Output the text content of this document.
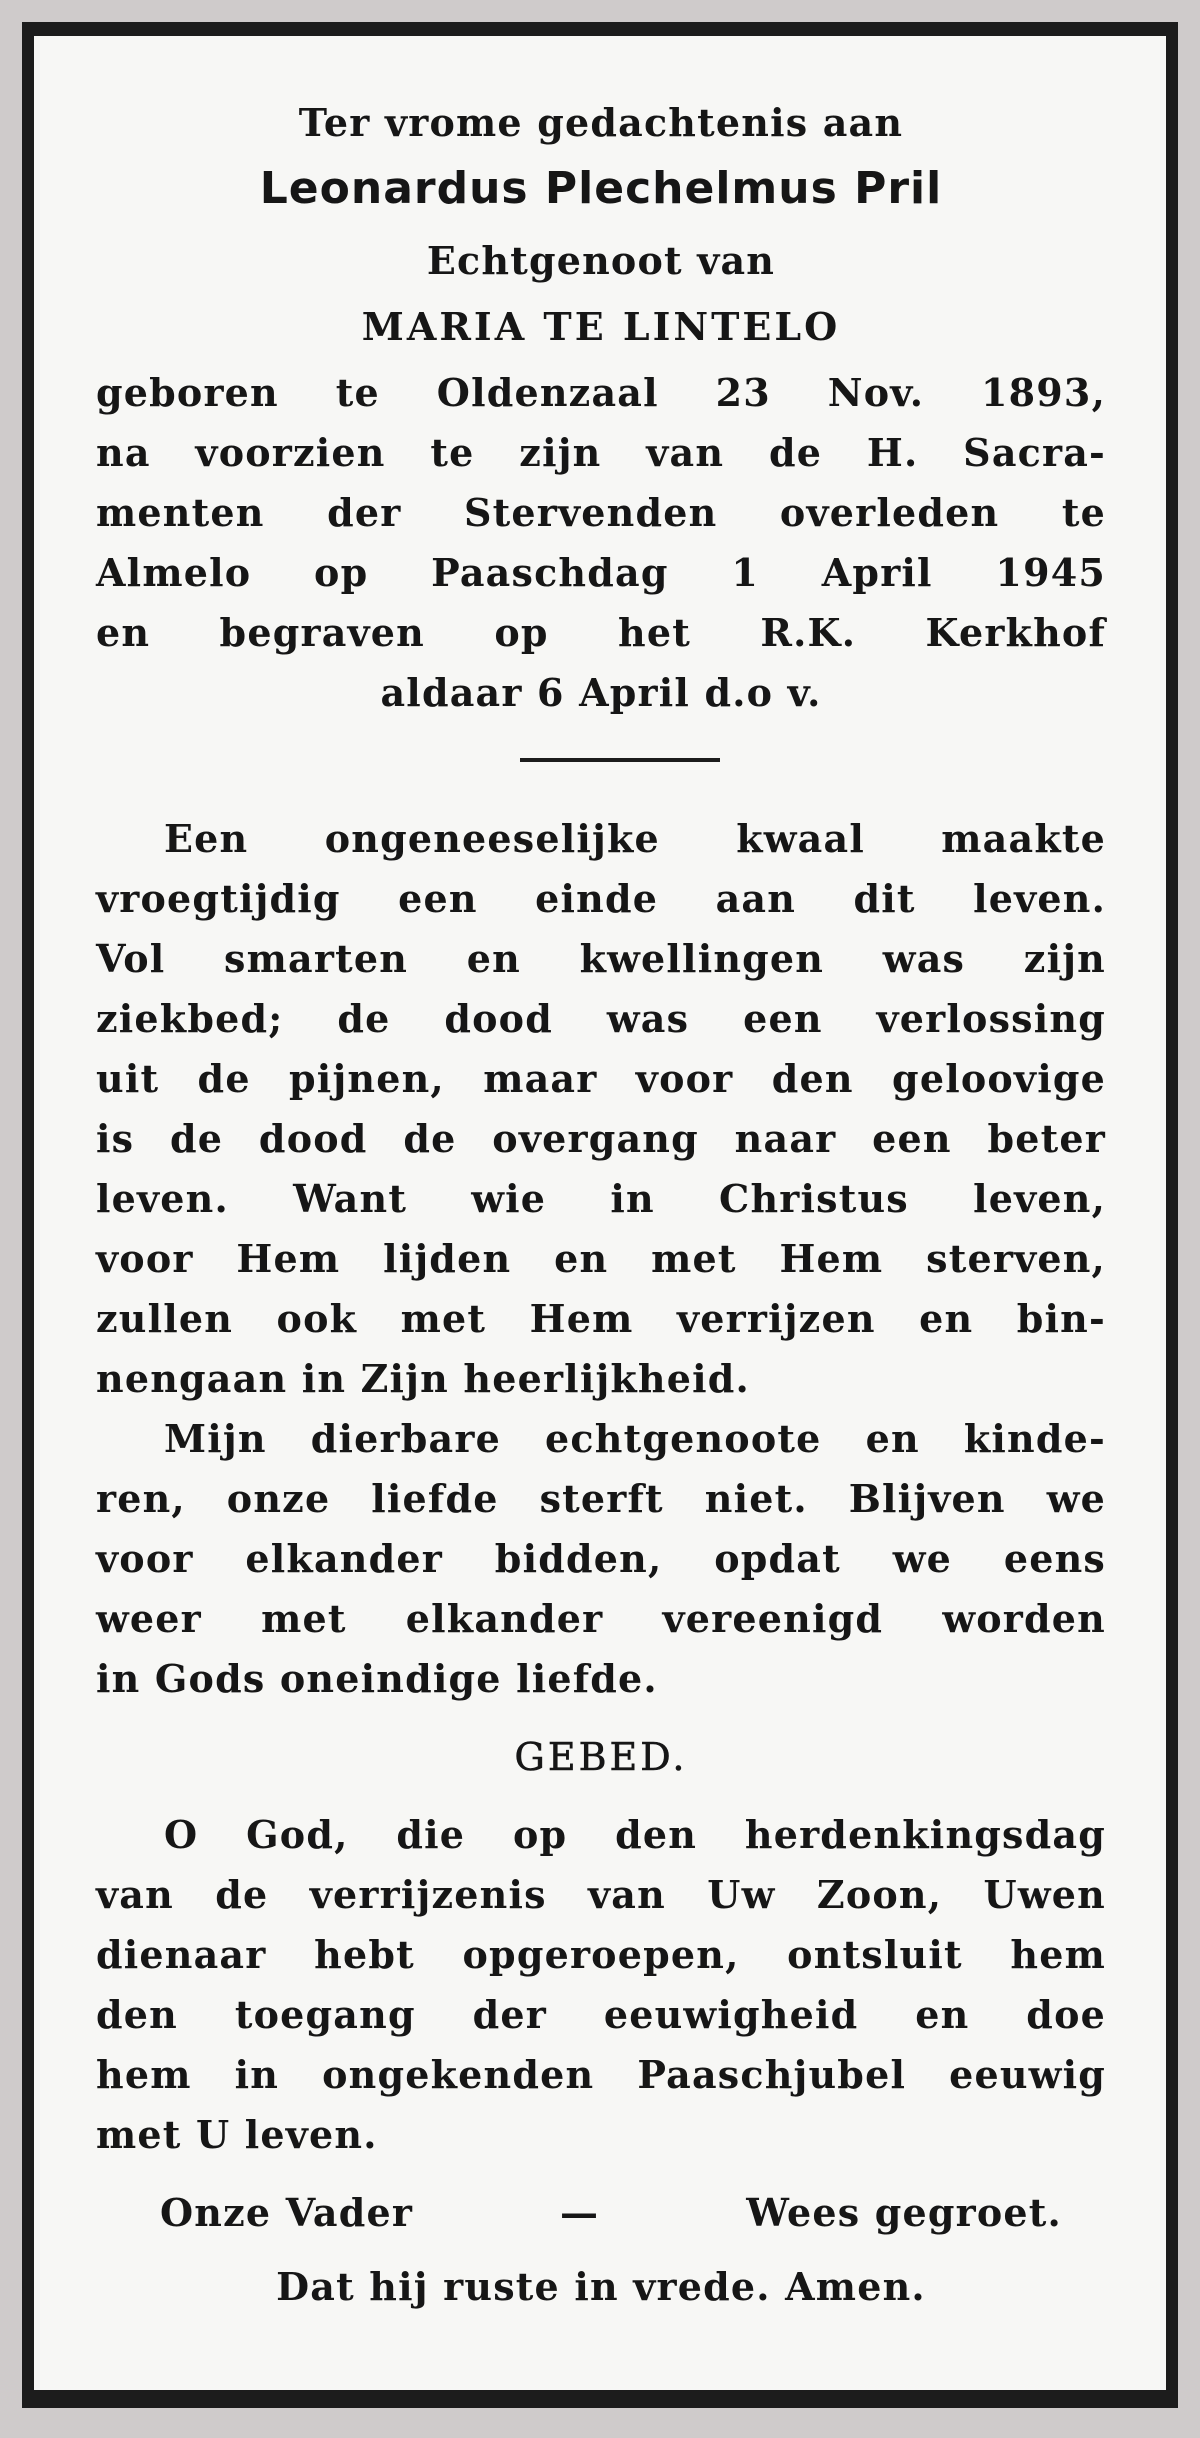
Ter vrome gedachtenis aan
Leonardus Plechelmus Pril
Echtgenoot van
MARIA TE LINTELO
geboren te Oldenzaal 23 Nov. 1893,
na voorzien te zijn van de H. Sacra-
menten der Stervenden overleden te
Almelo op Paaschdag 1 April 1945
en begraven op het R.K. Kerkhof
aldaar 6 April d.o v.
Een ongeneeselijke kwaal maakte
vroegtijdig een einde aan dit leven.
Vol smarten en kwellingen was zijn
ziekbed; de dood was een verlossing
uit de pijnen, maar voor den geloovige
is de dood de overgang naar een beter
leven. Want wie in Christus leven,
voor Hem lijden en met Hem sterven,
zullen ook met Hem verrijzen en bin-
nengaan in Zijn heerlijkheid.
Mijn dierbare echtgenoote en kinde-
ren, onze liefde sterft niet. Blijven we
voor elkander bidden, opdat we eens
weer met elkander vereenigd worden
in Gods oneindige liefde.
GEBED.
O God, die op den herdenkingsdag
van de verrijzenis van Uw Zoon, Uwen
dienaar hebt opgeroepen, ontsluit hem
den toegang der eeuwigheid en doe
hem in ongekenden Paaschjubel eeuwig
met U leven.
Onze Vader	—	Wees gegroet.
Dat hij ruste in vrede. Amen.
